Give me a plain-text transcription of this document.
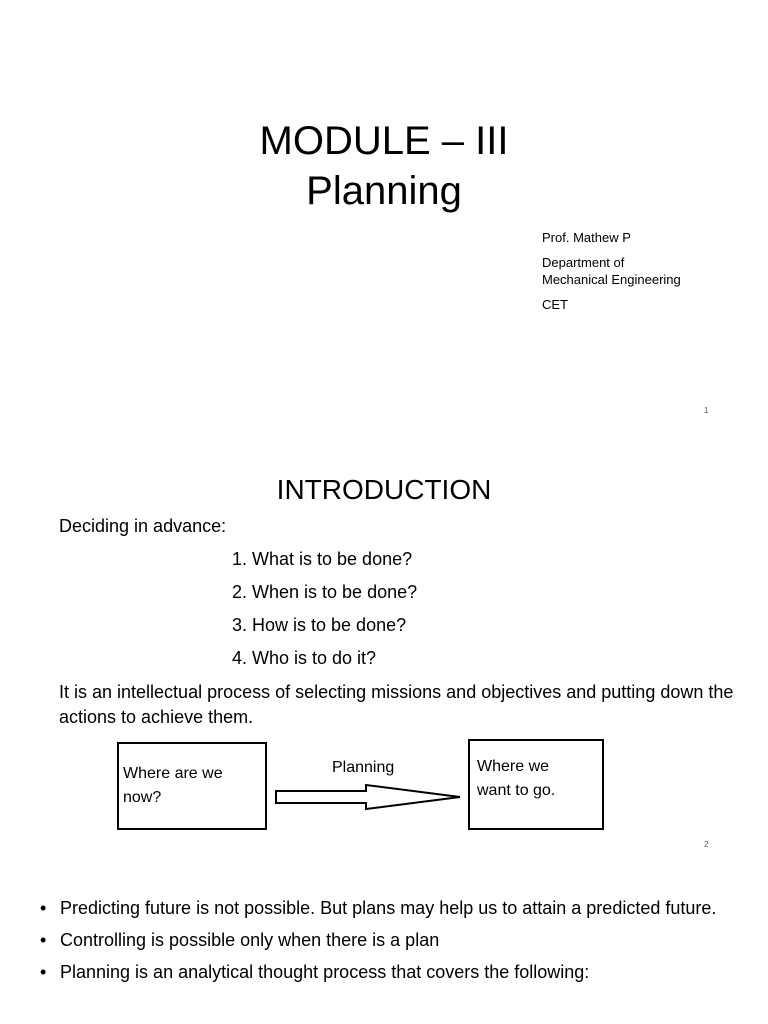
MODULE – III
Planning
Prof. Mathew P
Department of
Mechanical Engineering
CET
1
INTRODUCTION
Deciding in advance:
1. What is to be done?
2. When is to be done?
3. How is to be done?
4. Who is to do it?
It is an intellectual process of selecting missions and objectives and putting down the actions to achieve them.
Where are we
now?
Planning	Where we
want to go.
2
• Predicting future is not possible. But plans may help us to attain a predicted future.
• Controlling is possible only when there is a plan
• Planning is an analytical thought process that covers the following:
